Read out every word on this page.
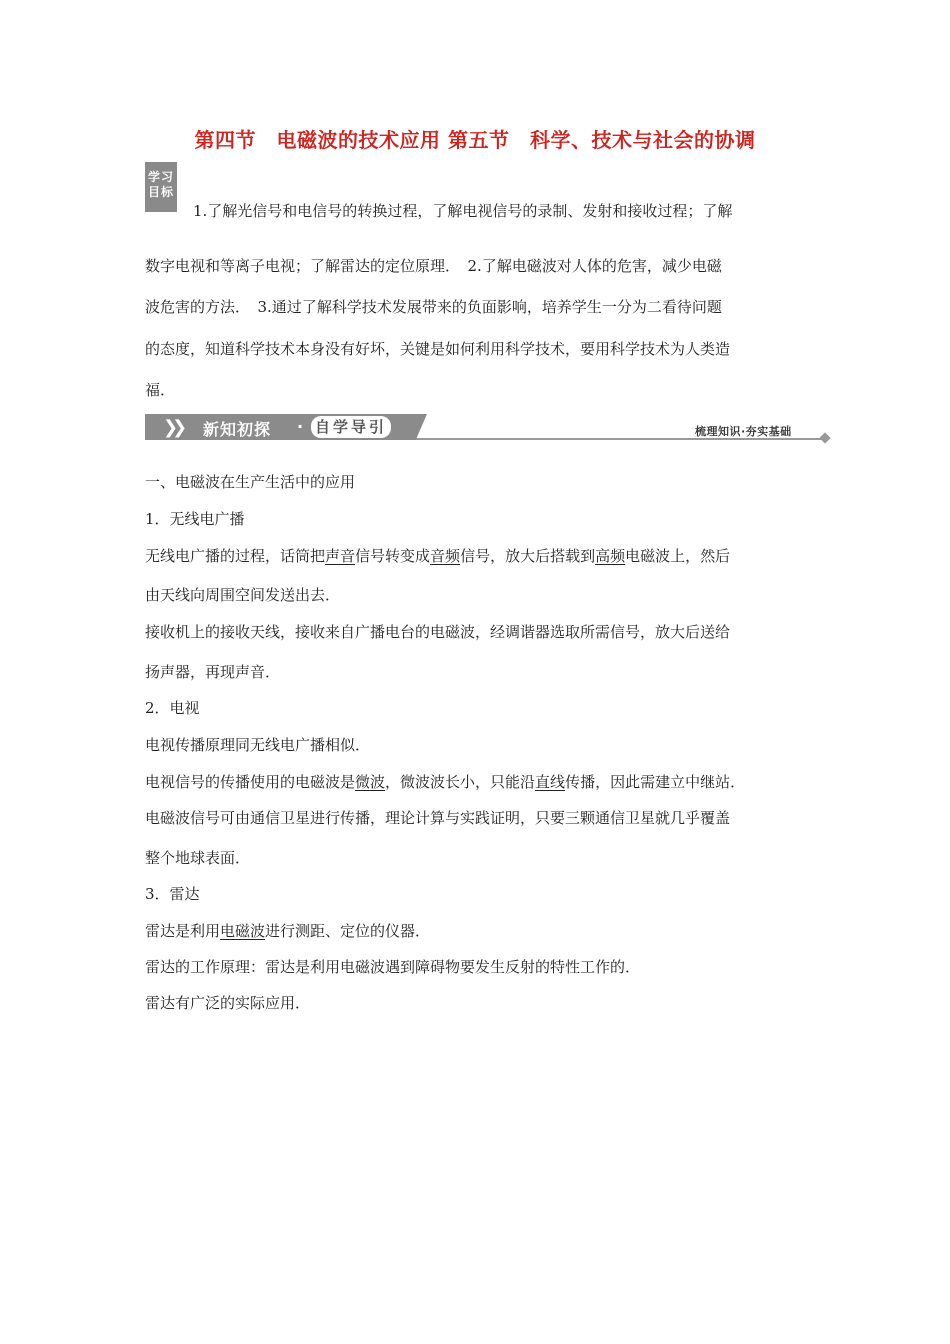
第四节　电磁波的技术应用 第五节　科学、技术与社会的协调
学习
目标
1.了解光信号和电信号的转换过程，了解电视信号的录制、发射和接收过程；了解
数字电视和等离子电视；了解雷达的定位原理．　2.了解电磁波对人体的危害，减少电磁
波危害的方法．　3.通过了解科学技术发展带来的负面影响，培养学生一分为二看待问题
的态度，知道科学技术本身没有好坏，关键是如何利用科学技术，要用科学技术为人类造
福．
❯❯ 新知初探 · 自学导引	梳理知识·夯实基础
一、电磁波在生产生活中的应用
1．无线电广播
无线电广播的过程，话筒把声音信号转变成音频信号，放大后搭载到高频电磁波上，然后
由天线向周围空间发送出去．
接收机上的接收天线，接收来自广播电台的电磁波，经调谐器选取所需信号，放大后送给
扬声器，再现声音．
2．电视
电视传播原理同无线电广播相似．
电视信号的传播使用的电磁波是微波，微波波长小，只能沿直线传播，因此需建立中继站．
电磁波信号可由通信卫星进行传播，理论计算与实践证明，只要三颗通信卫星就几乎覆盖
整个地球表面．
3．雷达
雷达是利用电磁波进行测距、定位的仪器．
雷达的工作原理：雷达是利用电磁波遇到障碍物要发生反射的特性工作的．
雷达有广泛的实际应用．
